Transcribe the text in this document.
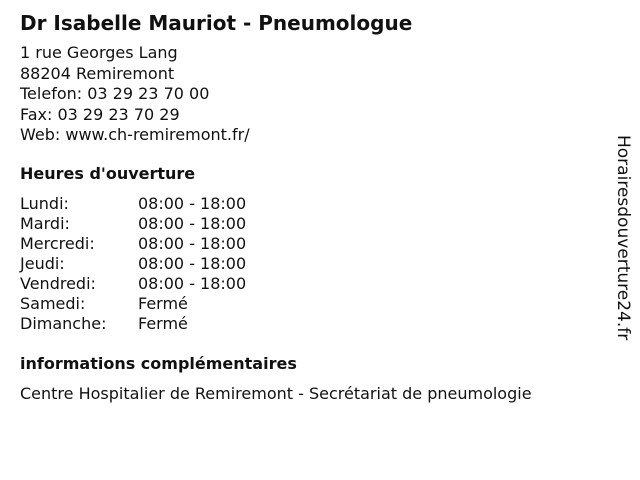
Dr Isabelle Mauriot - Pneumologue
1 rue Georges Lang
88204 Remiremont
Telefon: 03 29 23 70 00
Fax: 03 29 23 70 29
Web: www.ch-remiremont.fr/
Heures d'ouverture
Lundi:	08:00 - 18:00
Mardi:	08:00 - 18:00
Mercredi:	08:00 - 18:00
Jeudi:	08:00 - 18:00
Vendredi:	08:00 - 18:00
Samedi:	Fermé
Dimanche: Fermé
informations complémentaires
Centre Hospitalier de Remiremont - Secrétariat de pneumologie
Horairesdouverture24.fr
